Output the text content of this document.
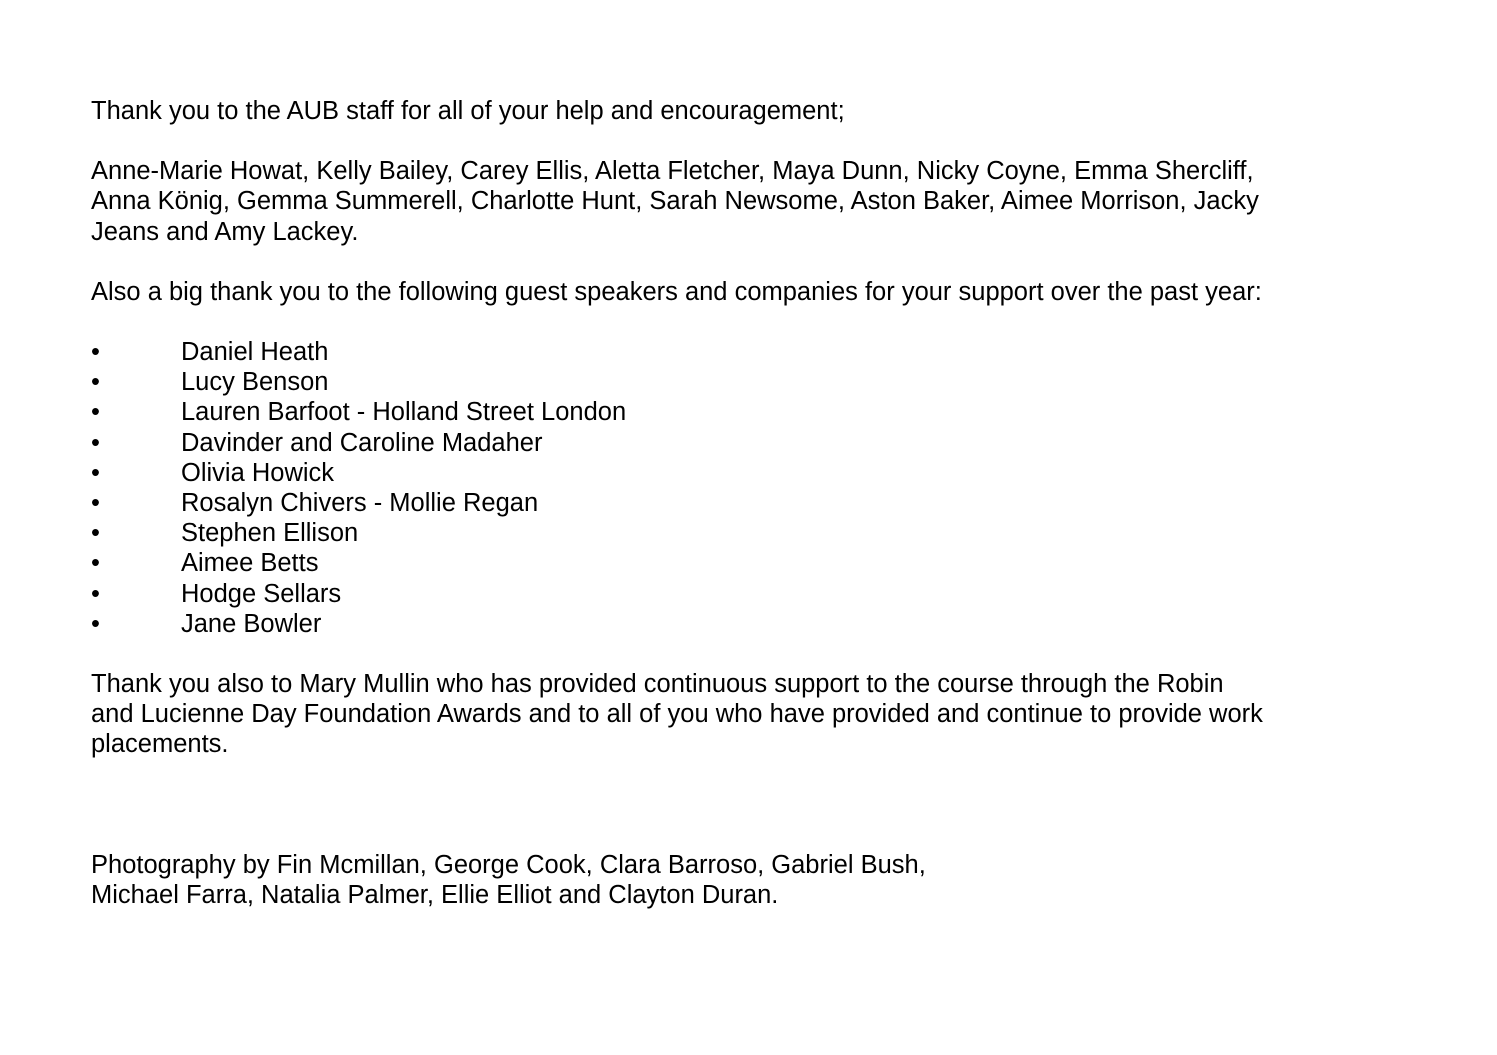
Thank you to the AUB staff for all of your help and encouragement;

Anne-Marie Howat, Kelly Bailey, Carey Ellis, Aletta Fletcher, Maya Dunn, Nicky Coyne, Emma Shercliff,
Anna König, Gemma Summerell, Charlotte Hunt, Sarah Newsome, Aston Baker, Aimee Morrison, Jacky
Jeans and Amy Lackey.

Also a big thank you to the following guest speakers and companies for your support over the past year:

•	Daniel Heath
•	Lucy Benson
•	Lauren Barfoot - Holland Street London
•	Davinder and Caroline Madaher
•	Olivia Howick
•	Rosalyn Chivers - Mollie Regan
•	Stephen Ellison
•	Aimee Betts
•	Hodge Sellars
•	Jane Bowler

Thank you also to Mary Mullin who has provided continuous support to the course through the Robin
and Lucienne Day Foundation Awards and to all of you who have provided and continue to provide work
placements.

Photography by Fin Mcmillan, George Cook, Clara Barroso, Gabriel Bush,
Michael Farra, Natalia Palmer, Ellie Elliot and Clayton Duran.
